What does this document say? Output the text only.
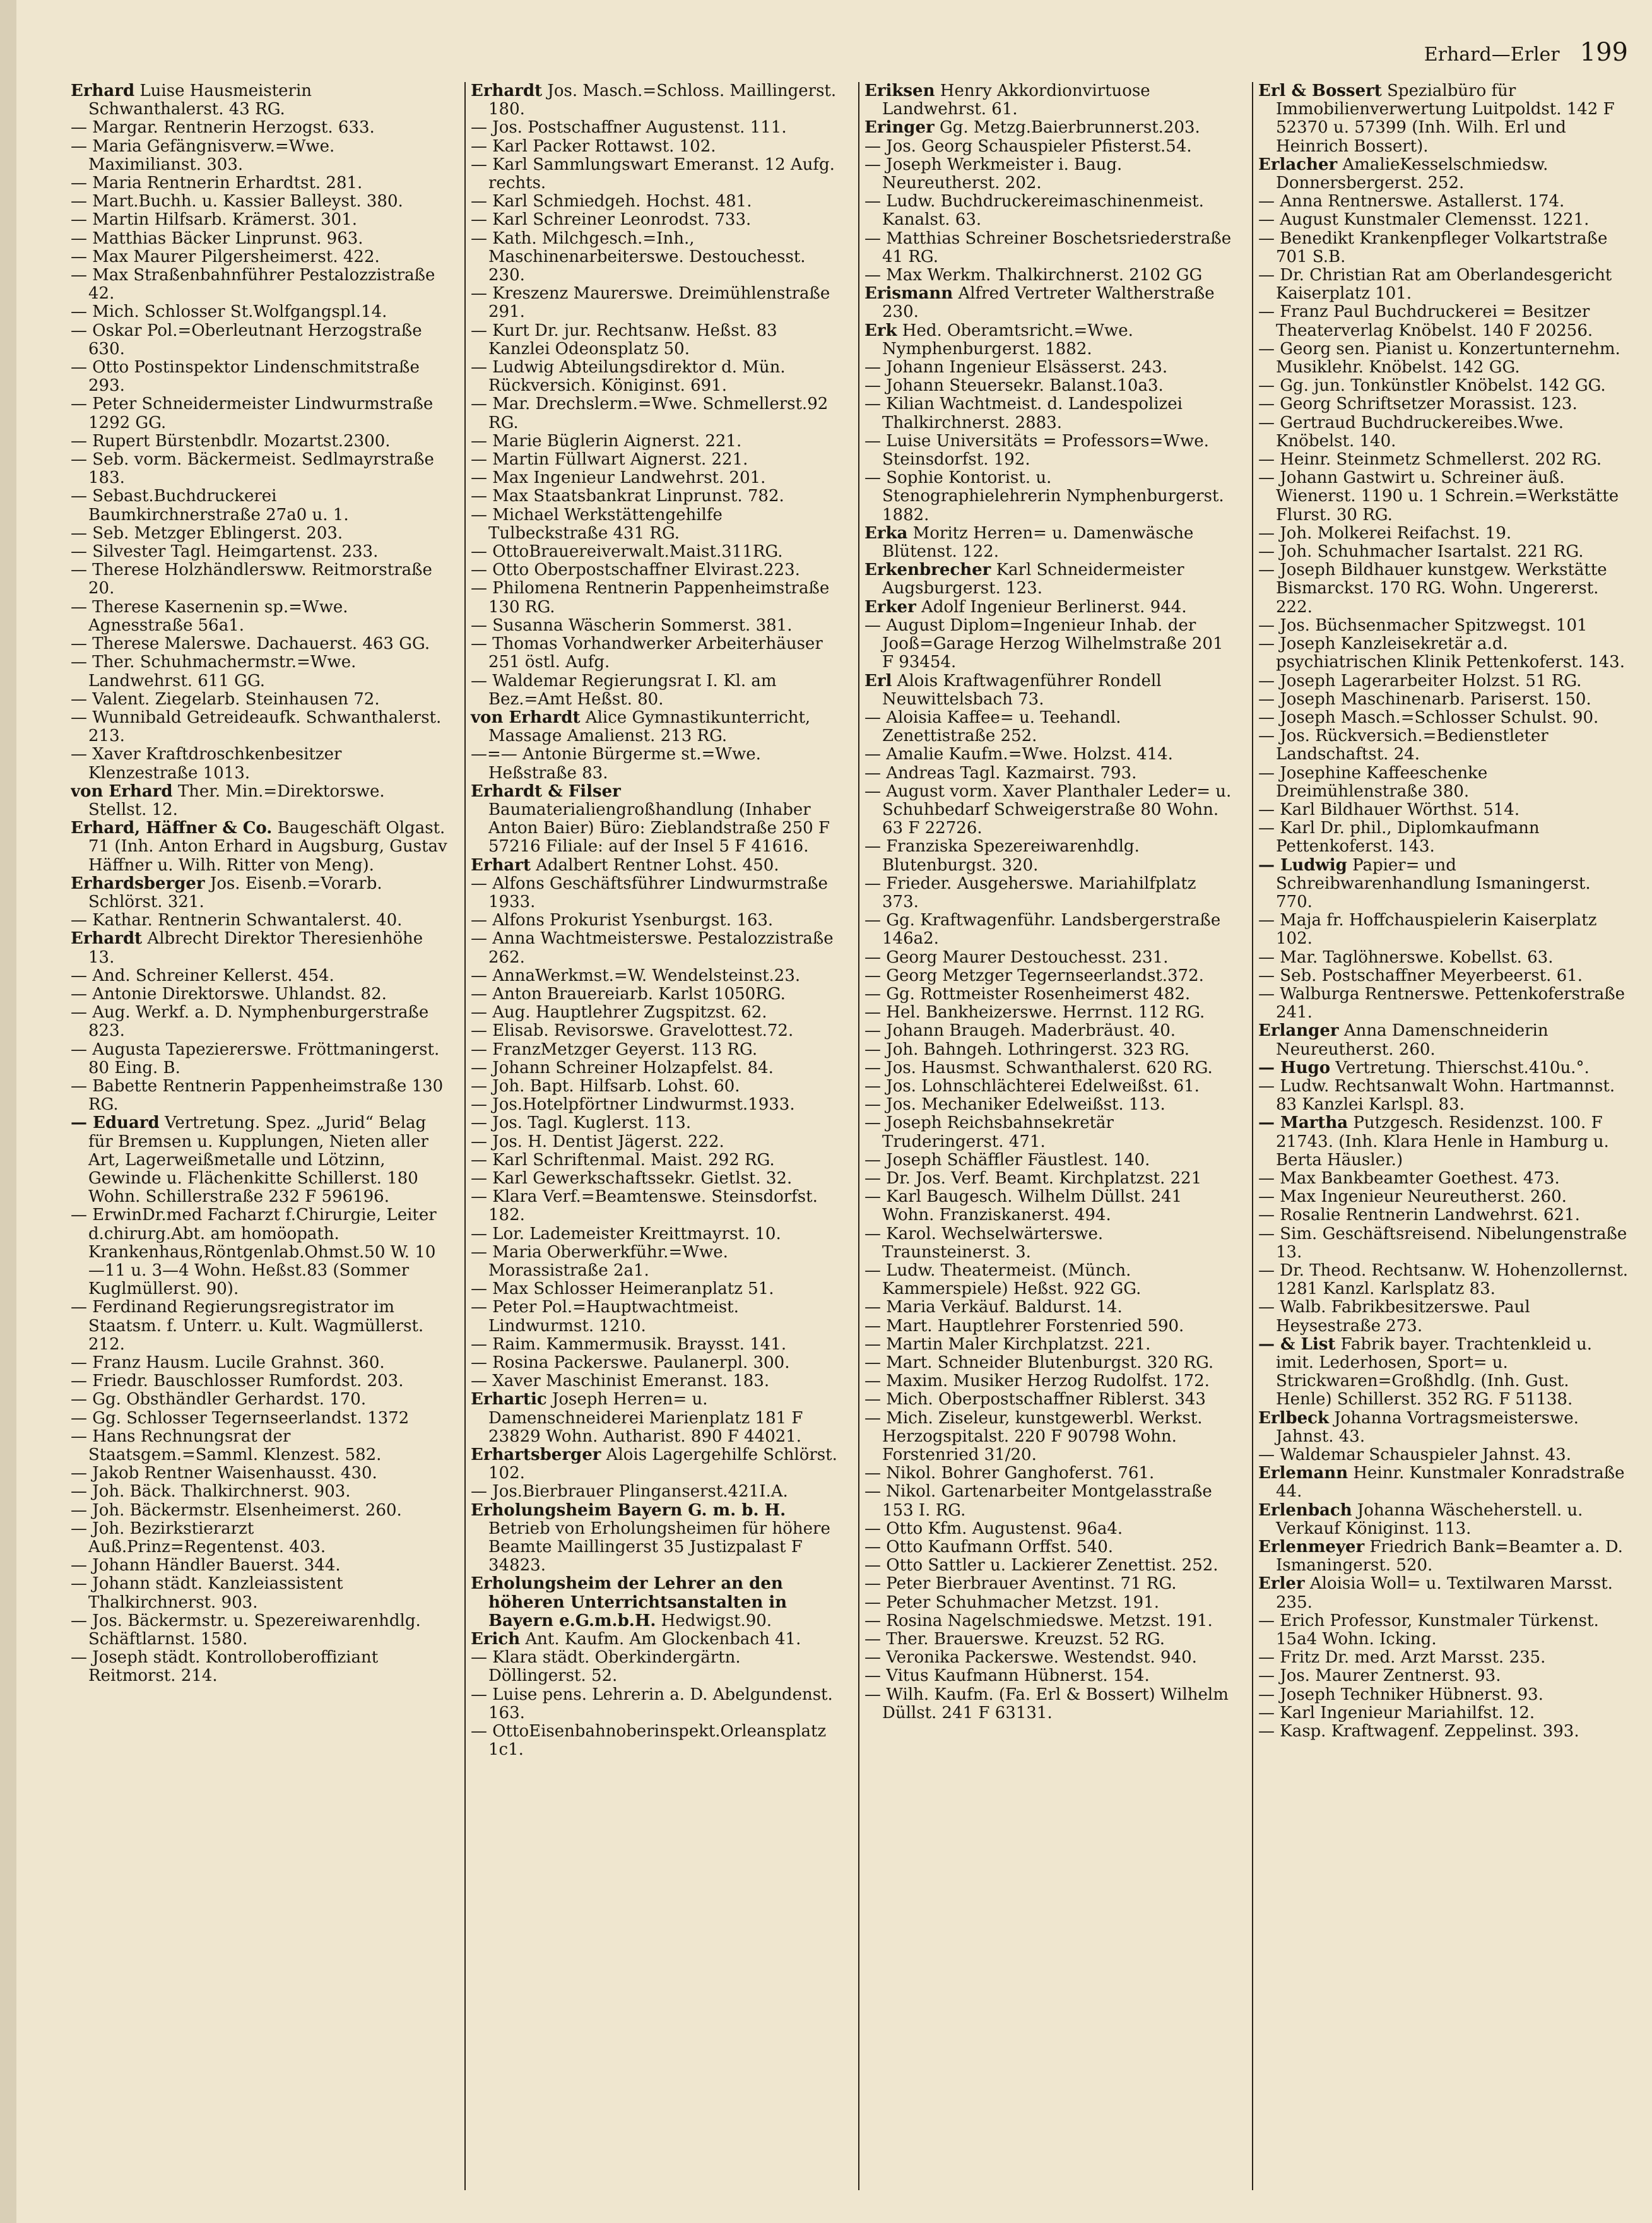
Erhard—Erler 199
Erhard Luise Hausmeisterin Schwanthalerst. 43 RG.
— Margar. Rentnerin Herzogst. 633.
— Maria Gefängnisverw.=Wwe. Maximilianst. 303.
— Maria Rentnerin Erhardtst. 281.
— Mart.Buchh. u. Kassier Balleyst. 380.
— Martin Hilfsarb. Krämerst. 301.
— Matthias Bäcker Linprunst. 963.
— Max Maurer Pilgersheimerst. 422.
— Max Straßenbahnführer Pestalozzistraße 42.
— Mich. Schlosser St.Wolfgangspl.14.
— Oskar Pol.=Oberleutnant Herzogstraße 630.
— Otto Postinspektor Lindenschmitstraße 293.
— Peter Schneidermeister Lindwurmstraße 1292 GG.
— Rupert Bürstenbdlr. Mozartst.2300.
— Seb. vorm. Bäckermeist. Sedlmayrstraße 183.
— Sebast.Buchdruckerei Baumkirchnerstraße 27a0 u. 1.
— Seb. Metzger Eblingerst. 203.
— Silvester Tagl. Heimgartenst. 233.
— Therese Holzhändlersww. Reitmorstraße 20.
— Therese Kasernenin sp.=Wwe. Agnesstraße 56a1.
— Therese Malerswe. Dachauerst. 463 GG.
— Ther. Schuhmachermstr.=Wwe. Landwehrst. 611 GG.
— Valent. Ziegelarb. Steinhausen 72.
— Wunnibald Getreideaufk. Schwanthalerst. 213.
— Xaver Kraftdroschkenbesitzer Klenzestraße 1013.
von Erhard Ther. Min.=Direktorswe. Stellst. 12.
Erhard, Häffner & Co. Baugeschäft Olgast. 71 (Inh. Anton Erhard in Augsburg, Gustav Häffner u. Wilh. Ritter von Meng).
Erhardsberger Jos. Eisenb.=Vorarb. Schlörst. 321.
— Kathar. Rentnerin Schwantalerst. 40.
Erhardt Albrecht Direktor Theresienhöhe 13.
— And. Schreiner Kellerst. 454.
— Antonie Direktorswe. Uhlandst. 82.
— Aug. Werkf. a. D. Nymphenburgerstraße 823.
— Augusta Tapeziererswe. Fröttmaningerst. 80 Eing. B.
— Babette Rentnerin Pappenheimstraße 130 RG.
— Eduard Vertretung. Spez. „Jurid“ Belag für Bremsen u. Kupplungen, Nieten aller Art, Lagerweißmetalle und Lötzinn, Gewinde u. Flächenkitte Schillerst. 180 Wohn. Schillerstraße 232 F 596196.
— ErwinDr.med Facharzt f.Chirurgie, Leiter d.chirurg.Abt. am homöopath. Krankenhaus,Röntgenlab.Ohmst.50 W. 10—11 u. 3—4 Wohn. Heßst.83 (Sommer Kuglmüllerst. 90).
— Ferdinand Regierungsregistrator im Staatsm. f. Unterr. u. Kult. Wagmüllerst. 212.
— Franz Hausm. Lucile Grahnst. 360.
— Friedr. Bauschlosser Rumfordst. 203.
— Gg. Obsthändler Gerhardst. 170.
— Gg. Schlosser Tegernseerlandst. 1372
— Hans Rechnungsrat der Staatsgem.=Samml. Klenzest. 582.
— Jakob Rentner Waisenhausst. 430.
— Joh. Bäck. Thalkirchnerst. 903.
— Joh. Bäckermstr. Elsenheimerst. 260.
— Joh. Bezirkstierarzt Auß.Prinz=Regentenst. 403.
— Johann Händler Bauerst. 344.
— Johann städt. Kanzleiassistent Thalkirchnerst. 903.
— Jos. Bäckermstr. u. Spezereiwarenhdlg. Schäftlarnst. 1580.
— Joseph städt. Kontrolloberoffiziant Reitmorst. 214.
Erhardt Jos. Masch.=Schloss. Maillingerst. 180.
— Jos. Postschaffner Augustenst. 111.
— Karl Packer Rottawst. 102.
— Karl Sammlungswart Emeranst. 12 Aufg. rechts.
— Karl Schmiedgeh. Hochst. 481.
— Karl Schreiner Leonrodst. 733.
— Kath. Milchgesch.=Inh., Maschinenarbeiterswe. Destouchesst. 230.
— Kreszenz Maurerswe. Dreimühlenstraße 291.
— Kurt Dr. jur. Rechtsanw. Heßst. 83 Kanzlei Odeonsplatz 50.
— Ludwig Abteilungsdirektor d. Mün. Rückversich. Königinst. 691.
— Mar. Drechslerm.=Wwe. Schmellerst.92 RG.
— Marie Büglerin Aignerst. 221.
— Martin Füllwart Aignerst. 221.
— Max Ingenieur Landwehrst. 201.
— Max Staatsbankrat Linprunst. 782.
— Michael Werkstättengehilfe Tulbeckstraße 431 RG.
— OttoBrauereiverwalt.Maist.311RG.
— Otto Oberpostschaffner Elvirast.223.
— Philomena Rentnerin Pappenheimstraße 130 RG.
— Susanna Wäscherin Sommerst. 381.
— Thomas Vorhandwerker Arbeiterhäuser 251 östl. Aufg.
— Waldemar Regierungsrat I. Kl. am Bez.=Amt Heßst. 80.
von Erhardt Alice Gymnastikunterricht, Massage Amalienst. 213 RG.
—=— Antonie Bürgerme st.=Wwe. Heßstraße 83.
Erhardt & Filser Baumaterialiengroßhandlung (Inhaber Anton Baier) Büro: Zieblandstraße 250 F 57216 Filiale: auf der Insel 5 F 41616.
Erhart Adalbert Rentner Lohst. 450.
— Alfons Geschäftsführer Lindwurmstraße 1933.
— Alfons Prokurist Ysenburgst. 163.
— Anna Wachtmeisterswe. Pestalozzistraße 262.
— AnnaWerkmst.=W. Wendelsteinst.23.
— Anton Brauereiarb. Karlst 1050RG.
— Aug. Hauptlehrer Zugspitzst. 62.
— Elisab. Revisorswe. Gravelottest.72.
— FranzMetzger Geyerst. 113 RG.
— Johann Schreiner Holzapfelst. 84.
— Joh. Bapt. Hilfsarb. Lohst. 60.
— Jos.Hotelpförtner Lindwurmst.1933.
— Jos. Tagl. Kuglerst. 113.
— Jos. H. Dentist Jägerst. 222.
— Karl Schriftenmal. Maist. 292 RG.
— Karl Gewerkschaftssekr. Gietlst. 32.
— Klara Verf.=Beamtenswe. Steinsdorfst. 182.
— Lor. Lademeister Kreittmayrst. 10.
— Maria Oberwerkführ.=Wwe. Morassistraße 2a1.
— Max Schlosser Heimeranplatz 51.
— Peter Pol.=Hauptwachtmeist. Lindwurmst. 1210.
— Raim. Kammermusik. Braysst. 141.
— Rosina Packerswe. Paulanerpl. 300.
— Xaver Maschinist Emeranst. 183.
Erhartic Joseph Herren= u. Damenschneiderei Marienplatz 181 F 23829 Wohn. Autharist. 890 F 44021.
Erhartsberger Alois Lagergehilfe Schlörst. 102.
— Jos.Bierbrauer Plinganserst.421I.A.
Erholungsheim Bayern G. m. b. H. Betrieb von Erholungsheimen für höhere Beamte Maillingerst 35 Justizpalast F 34823.
Erholungsheim der Lehrer an den höheren Unterrichtsanstalten in Bayern e.G.m.b.H. Hedwigst.90.
Erich Ant. Kaufm. Am Glockenbach 41.
— Klara städt. Oberkindergärtn. Döllingerst. 52.
— Luise pens. Lehrerin a. D. Abelgundenst. 163.
— OttoEisenbahnoberinspekt.Orleansplatz 1c1.
Eriksen Henry Akkordionvirtuose Landwehrst. 61.
Eringer Gg. Metzg.Baierbrunnerst.203.
— Jos. Georg Schauspieler Pfisterst.54.
— Joseph Werkmeister i. Baug. Neureutherst. 202.
— Ludw. Buchdruckereimaschinenmeist. Kanalst. 63.
— Matthias Schreiner Boschetsriederstraße 41 RG.
— Max Werkm. Thalkirchnerst. 2102 GG
Erismann Alfred Vertreter Waltherstraße 230.
Erk Hed. Oberamtsricht.=Wwe. Nymphenburgerst. 1882.
— Johann Ingenieur Elsässerst. 243.
— Johann Steuersekr. Balanst.10a3.
— Kilian Wachtmeist. d. Landespolizei Thalkirchnerst. 2883.
— Luise Universitäts = Professors=Wwe. Steinsdorfst. 192.
— Sophie Kontorist. u. Stenographielehrerin Nymphenburgerst. 1882.
Erka Moritz Herren= u. Damenwäsche Blütenst. 122.
Erkenbrecher Karl Schneidermeister Augsburgerst. 123.
Erker Adolf Ingenieur Berlinerst. 944.
— August Diplom=Ingenieur Inhab. der Jooß=Garage Herzog Wilhelmstraße 201 F 93454.
Erl Alois Kraftwagenführer Rondell Neuwittelsbach 73.
— Aloisia Kaffee= u. Teehandl. Zenettistraße 252.
— Amalie Kaufm.=Wwe. Holzst. 414.
— Andreas Tagl. Kazmairst. 793.
— August vorm. Xaver Planthaler Leder= u. Schuhbedarf Schweigerstraße 80 Wohn. 63 F 22726.
— Franziska Spezereiwarenhdlg. Blutenburgst. 320.
— Frieder. Ausgeherswe. Mariahilfplatz 373.
— Gg. Kraftwagenführ. Landsbergerstraße 146a2.
— Georg Maurer Destouchesst. 231.
— Georg Metzger Tegernseerlandst.372.
— Gg. Rottmeister Rosenheimerst 482.
— Hel. Bankheizerswe. Herrnst. 112 RG.
— Johann Braugeh. Maderbräust. 40.
— Joh. Bahngeh. Lothringerst. 323 RG.
— Jos. Hausmst. Schwanthalerst. 620 RG.
— Jos. Lohnschlächterei Edelweißst. 61.
— Jos. Mechaniker Edelweißst. 113.
— Joseph Reichsbahnsekretär Truderingerst. 471.
— Joseph Schäffler Fäustlest. 140.
— Dr. Jos. Verf. Beamt. Kirchplatzst. 221
— Karl Baugesch. Wilhelm Düllst. 241 Wohn. Franziskanerst. 494.
— Karol. Wechselwärterswe. Traunsteinerst. 3.
— Ludw. Theatermeist. (Münch. Kammerspiele) Heßst. 922 GG.
— Maria Verkäuf. Baldurst. 14.
— Mart. Hauptlehrer Forstenried 590.
— Martin Maler Kirchplatzst. 221.
— Mart. Schneider Blutenburgst. 320 RG.
— Maxim. Musiker Herzog Rudolfst. 172.
— Mich. Oberpostschaffner Riblerst. 343
— Mich. Ziseleur, kunstgewerbl. Werkst. Herzogspitalst. 220 F 90798 Wohn. Forstenried 31/20.
— Nikol. Bohrer Ganghoferst. 761.
— Nikol. Gartenarbeiter Montgelasstraße 153 I. RG.
— Otto Kfm. Augustenst. 96a4.
— Otto Kaufmann Orffst. 540.
— Otto Sattler u. Lackierer Zenettist. 252.
— Peter Bierbrauer Aventinst. 71 RG.
— Peter Schuhmacher Metzst. 191.
— Rosina Nagelschmiedswe. Metzst. 191.
— Ther. Brauerswe. Kreuzst. 52 RG.
— Veronika Packerswe. Westendst. 940.
— Vitus Kaufmann Hübnerst. 154.
— Wilh. Kaufm. (Fa. Erl & Bossert) Wilhelm Düllst. 241 F 63131.
Erl & Bossert Spezialbüro für Immobilienverwertung Luitpoldst. 142 F 52370 u. 57399 (Inh. Wilh. Erl und Heinrich Bossert).
Erlacher AmalieKesselschmiedsw. Donnersbergerst. 252.
— Anna Rentnerswe. Astallerst. 174.
— August Kunstmaler Clemensst. 1221.
— Benedikt Krankenpfleger Volkartstraße 701 S.B.
— Dr. Christian Rat am Oberlandesgericht Kaiserplatz 101.
— Franz Paul Buchdruckerei = Besitzer Theaterverlag Knöbelst. 140 F 20256.
— Georg sen. Pianist u. Konzertunternehm. Musiklehr. Knöbelst. 142 GG.
— Gg. jun. Tonkünstler Knöbelst. 142 GG.
— Georg Schriftsetzer Morassist. 123.
— Gertraud Buchdruckereibes.Wwe. Knöbelst. 140.
— Heinr. Steinmetz Schmellerst. 202 RG.
— Johann Gastwirt u. Schreiner äuß. Wienerst. 1190 u. 1 Schrein.=Werkstätte Flurst. 30 RG.
— Joh. Molkerei Reifachst. 19.
— Joh. Schuhmacher Isartalst. 221 RG.
— Joseph Bildhauer kunstgew. Werkstätte Bismarckst. 170 RG. Wohn. Ungererst. 222.
— Jos. Büchsenmacher Spitzwegst. 101
— Joseph Kanzleisekretär a.d. psychiatrischen Klinik Pettenkoferst. 143.
— Joseph Lagerarbeiter Holzst. 51 RG.
— Joseph Maschinenarb. Pariserst. 150.
— Joseph Masch.=Schlosser Schulst. 90.
— Jos. Rückversich.=Bedienstleter Landschaftst. 24.
— Josephine Kaffeeschenke Dreimühlenstraße 380.
— Karl Bildhauer Wörthst. 514.
— Karl Dr. phil., Diplomkaufmann Pettenkoferst. 143.
— Ludwig Papier= und Schreibwarenhandlung Ismaningerst. 770.
— Maja fr. Hoffchauspielerin Kaiserplatz 102.
— Mar. Taglöhnerswe. Kobellst. 63.
— Seb. Postschaffner Meyerbeerst. 61.
— Walburga Rentnerswe. Pettenkoferstraße 241.
Erlanger Anna Damenschneiderin Neureutherst. 260.
— Hugo Vertretung. Thierschst.410u.°.
— Ludw. Rechtsanwalt Wohn. Hartmannst. 83 Kanzlei Karlspl. 83.
— Martha Putzgesch. Residenzst. 100. F 21743. (Inh. Klara Henle in Hamburg u. Berta Häusler.)
— Max Bankbeamter Goethest. 473.
— Max Ingenieur Neureutherst. 260.
— Rosalie Rentnerin Landwehrst. 621.
— Sim. Geschäftsreisend. Nibelungenstraße 13.
— Dr. Theod. Rechtsanw. W. Hohenzollernst. 1281 Kanzl. Karlsplatz 83.
— Walb. Fabrikbesitzerswe. Paul Heysestraße 273.
— & List Fabrik bayer. Trachtenkleid u. imit. Lederhosen, Sport= u. Strickwaren=Großhdlg. (Inh. Gust. Henle) Schillerst. 352 RG. F 51138.
Erlbeck Johanna Vortragsmeisterswe. Jahnst. 43.
— Waldemar Schauspieler Jahnst. 43.
Erlemann Heinr. Kunstmaler Konradstraße 44.
Erlenbach Johanna Wäscheherstell. u. Verkauf Königinst. 113.
Erlenmeyer Friedrich Bank=Beamter a. D. Ismaningerst. 520.
Erler Aloisia Woll= u. Textilwaren Marsst. 235.
— Erich Professor, Kunstmaler Türkenst. 15a4 Wohn. Icking.
— Fritz Dr. med. Arzt Marsst. 235.
— Jos. Maurer Zentnerst. 93.
— Joseph Techniker Hübnerst. 93.
— Karl Ingenieur Mariahilfst. 12.
— Kasp. Kraftwagenf. Zeppelinst. 393.
